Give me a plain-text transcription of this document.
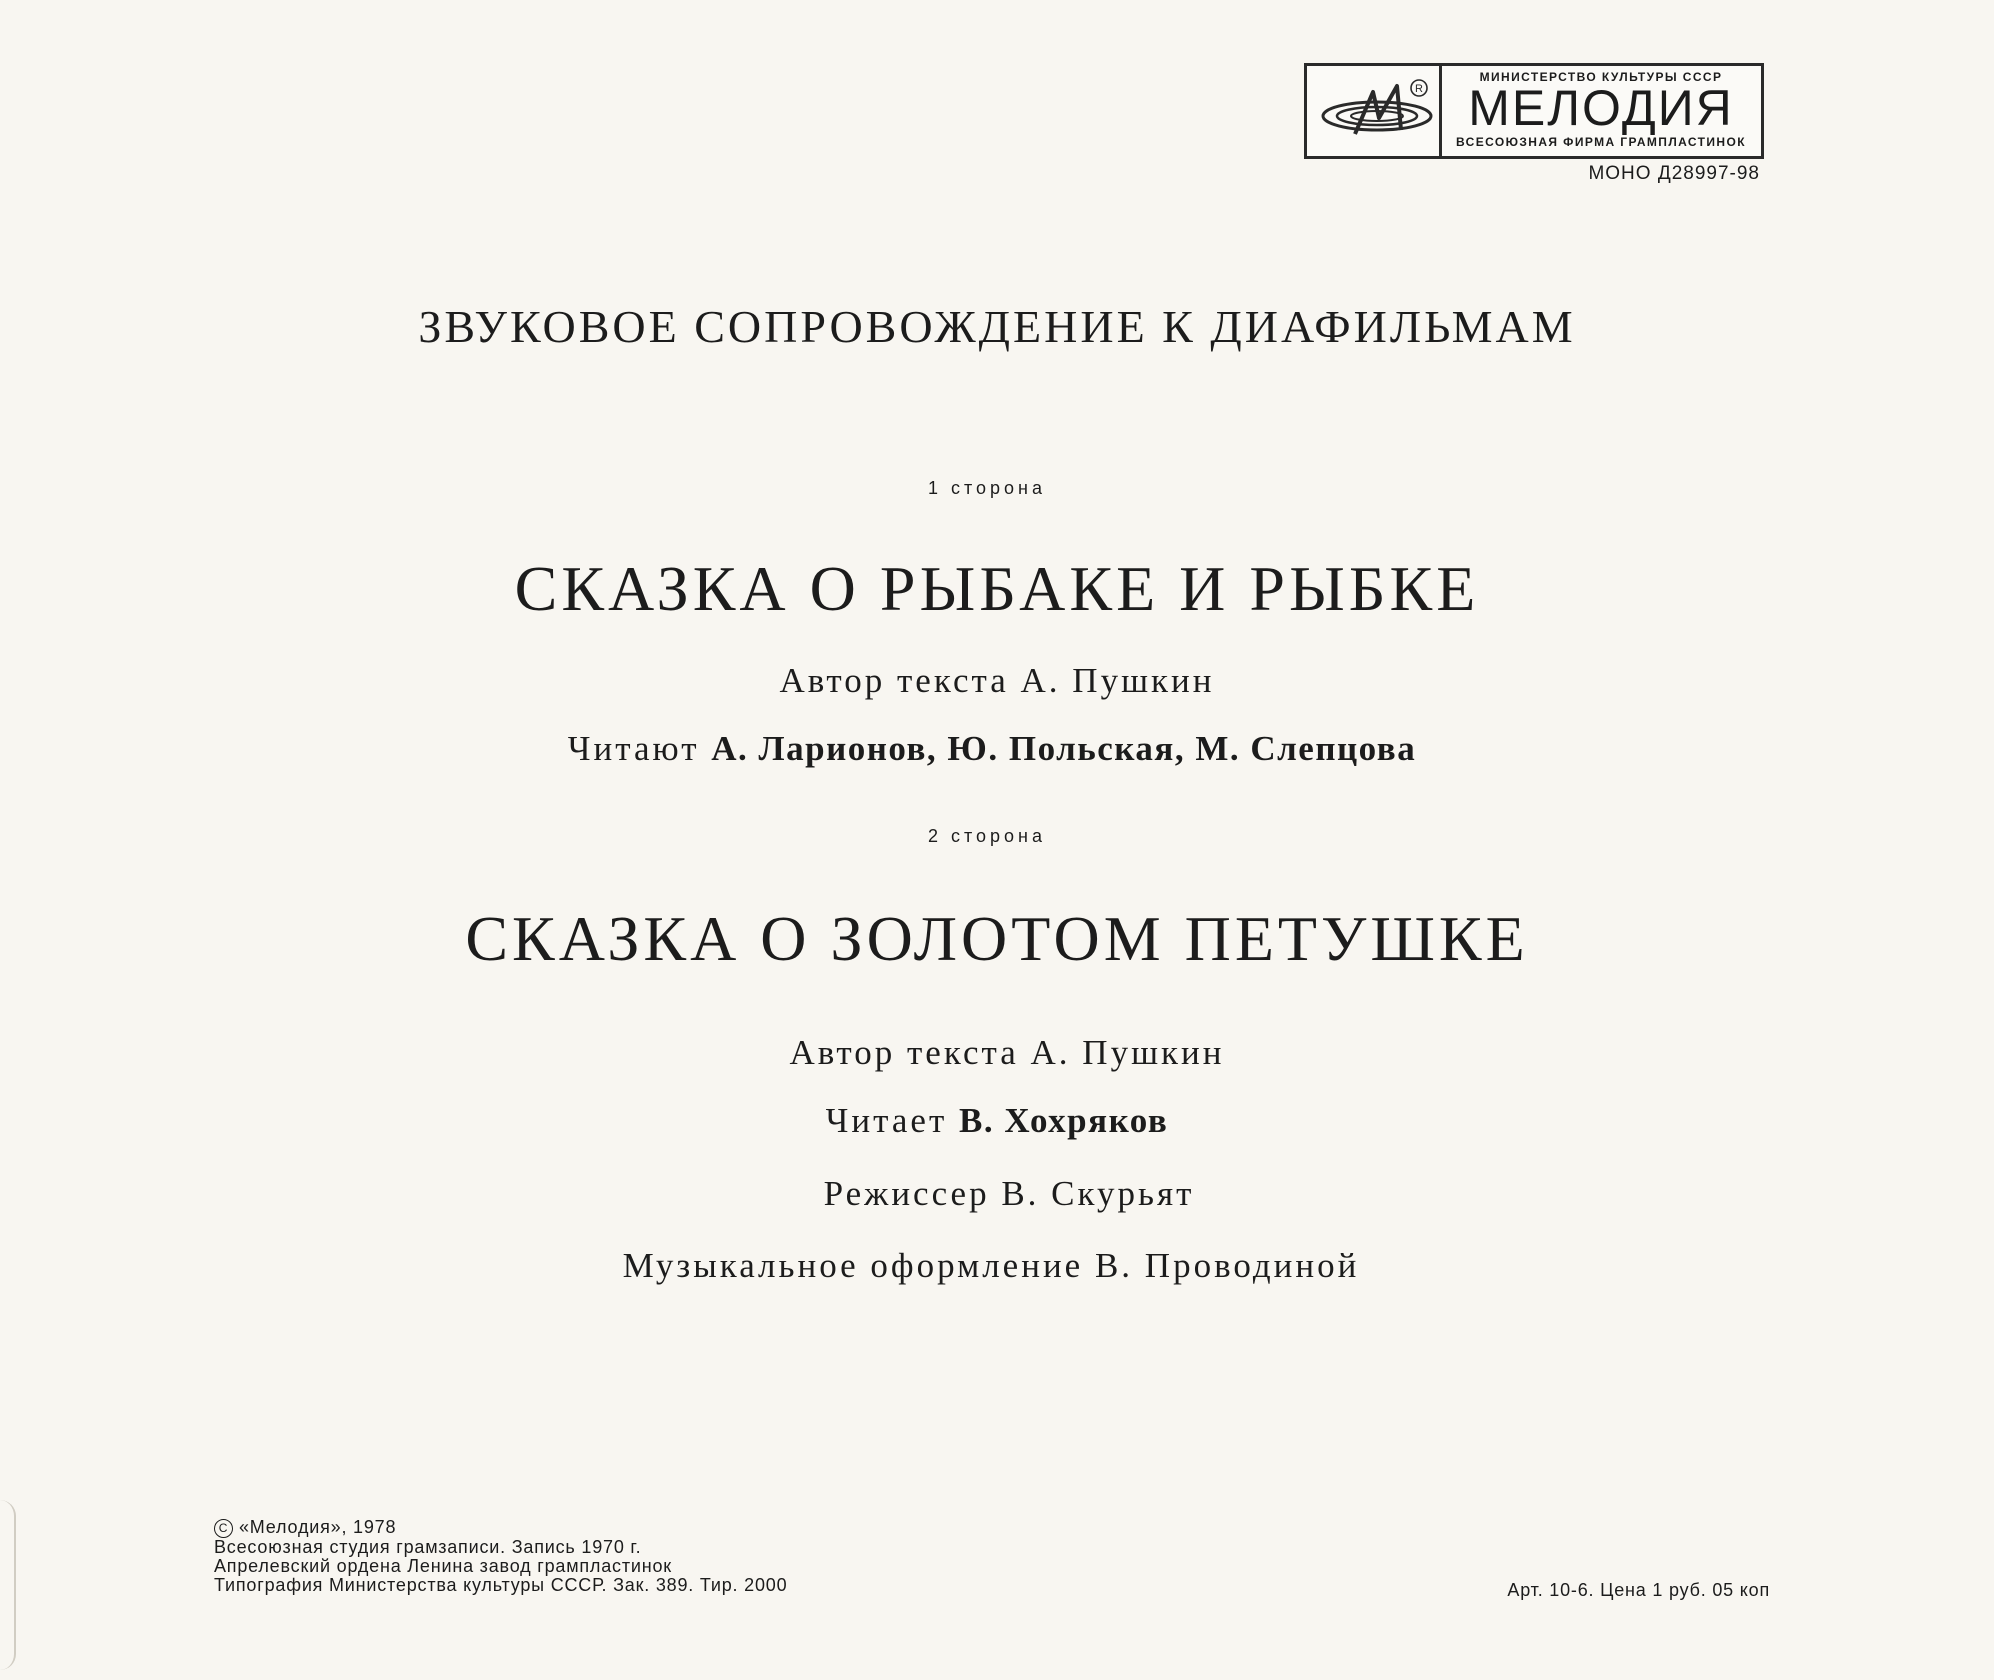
R
МИНИСТЕРСТВО КУЛЬТУРЫ СССР
МЕЛОДИЯ
ВСЕСОЮЗНАЯ ФИРМА ГРАМПЛАСТИНОК
МОНО Д28997-98
ЗВУКОВОЕ СОПРОВОЖДЕНИЕ К ДИАФИЛЬМАМ
1 сторона
СКАЗКА О РЫБАКЕ И РЫБКЕ
Автор текста А. Пушкин
Читают А. Ларионов, Ю. Польская, М. Слепцова
2 сторона
СКАЗКА О ЗОЛОТОМ ПЕТУШКЕ
Автор текста А. Пушкин
Читает В. Хохряков
Режиссер В. Скурьят
Музыкальное оформление В. Проводиной
C «Мелодия», 1978
Всесоюзная студия грамзаписи. Запись 1970 г.
Апрелевский ордена Ленина завод грампластинок
Типография Министерства культуры СССР. Зак. 389. Тир. 2000	Арт. 10-6. Цена 1 руб. 05 коп
